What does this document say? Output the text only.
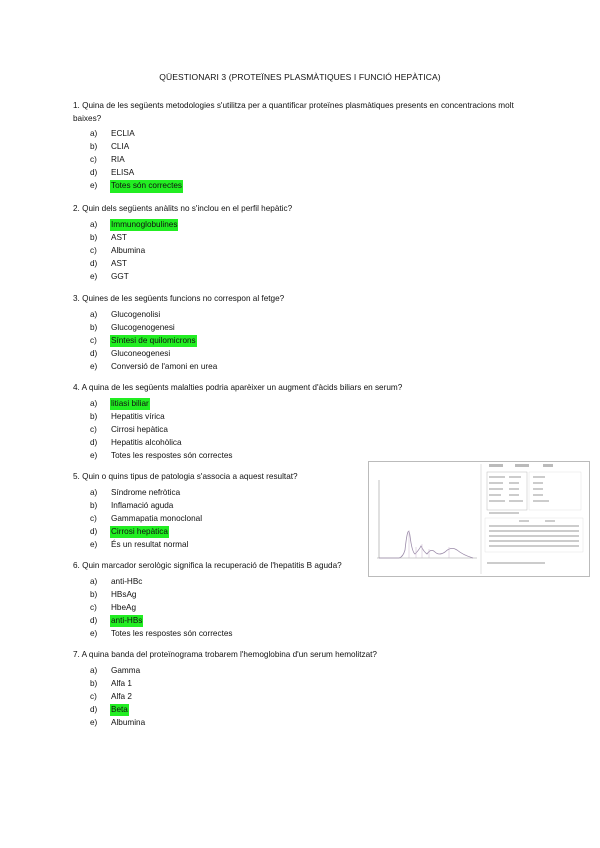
QÜESTIONARI 3 (PROTEÏNES PLASMÀTIQUES I FUNCIÓ HEPÀTICA)
1. Quina de les següents metodologies s'utilitza per a quantificar proteïnes plasmàtiques presents en concentracions molt baixes?
a)	ECLIA
b)	CLIA
c)	RIA
d)	ELISA
e)	Totes són correctes
2. Quin dels següents anàlits no s'inclou en el perfil hepàtic?
a)	Immunoglobulines
b)	AST
c)	Albumina
d)	AST
e)	GGT
3. Quines de les següents funcions no correspon al fetge?
a)	Glucogenolisi
b)	Glucogenogenesi
c)	Síntesi de quilomicrons
d)	Gluconeogenesi
e)	Conversió de l'amoni en urea
4. A quina de les següents malalties podria aparèixer un augment d'àcids biliars en serum?
a)	litiasi biliar
b)	Hepatitis vírica
c)	Cirrosi hepàtica
d)	Hepatitis alcohòlica
e)	Totes les respostes són correctes
5. Quin o quins tipus de patologia s'associa a aquest resultat?
a)	Síndrome nefròtica
b)	Inflamació aguda
c)	Gammapatia monoclonal
d)	Cirrosi hepàtica
e)	És un resultat normal
6. Quin marcador serològic significa la recuperació de l'hepatitis B aguda?
a)	anti-HBc
b)	HBsAg
c)	HbeAg
d)	anti-HBs
e)	Totes les respostes són correctes
7. A quina banda del proteïnograma trobarem l'hemoglobina d'un serum hemolitzat?
a)	Gamma
b)	Alfa 1
c)	Alfa 2
d)	Beta
e)	Albumina
